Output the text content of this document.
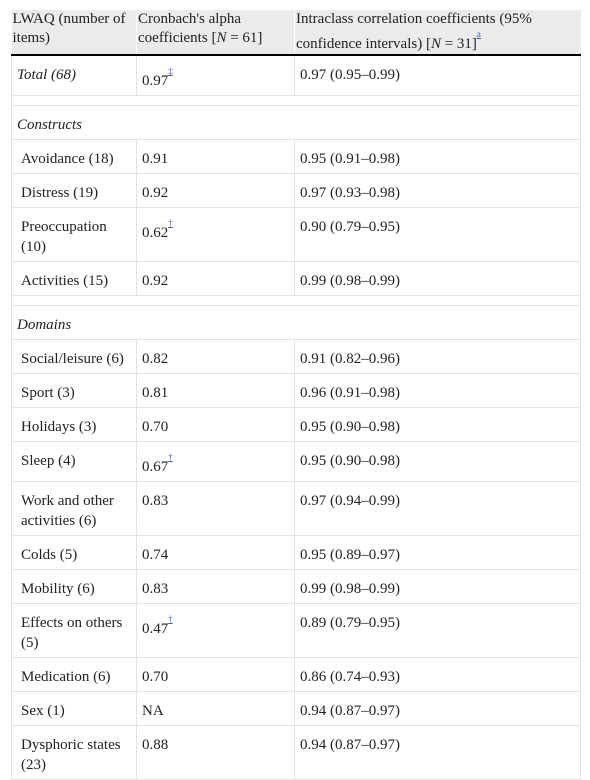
LWAQ (number of items)	Cronbach's alpha coefficients [N = 61]	Intraclass correlation coefficients (95% confidence intervals) [N = 31]$^{^a}$
Total (68)	0.97‡	0.97 (0.95–0.99)

Constructs		
Avoidance (18)	0.91	0.95 (0.91–0.98)
Distress (19)	0.92	0.97 (0.93–0.98)
Preoccupation (10)	0.62†	0.90 (0.79–0.95)
Activities (15)	0.92	0.99 (0.98–0.99)

Domains		
Social/leisure (6)	0.82	0.91 (0.82–0.96)
Sport (3)	0.81	0.96 (0.91–0.98)
Holidays (3)	0.70	0.95 (0.90–0.98)
Sleep (4)	0.67†	0.95 (0.90–0.98)
Work and other activities (6)	0.83	0.97 (0.94–0.99)
Colds (5)	0.74	0.95 (0.89–0.97)
Mobility (6)	0.83	0.99 (0.98–0.99)
Effects on others (5)	0.47†	0.89 (0.79–0.95)
Medication (6)	0.70	0.86 (0.74–0.93)
Sex (1)	NA	0.94 (0.87–0.97)
Dysphoric states (23)	0.88	0.94 (0.87–0.97)
